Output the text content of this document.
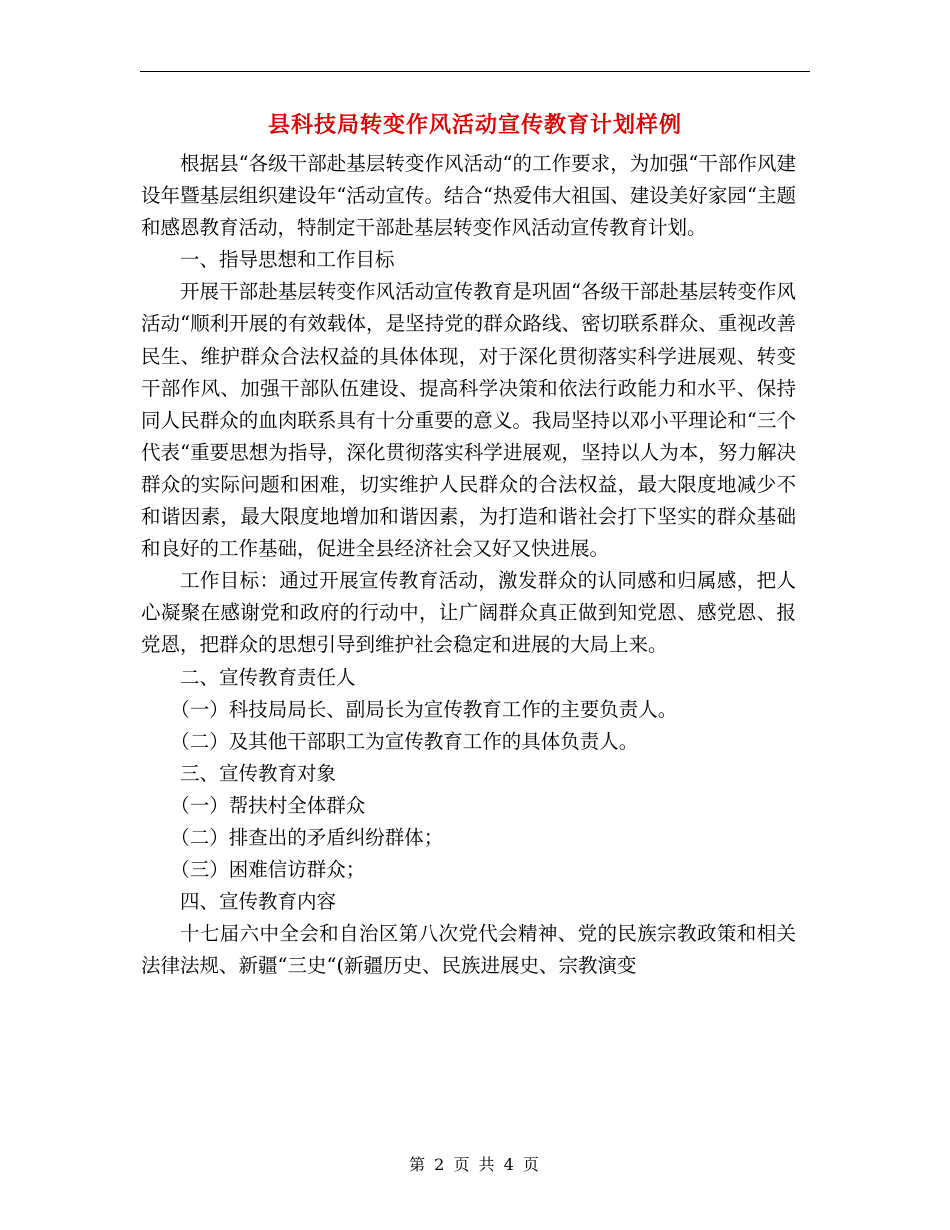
县科技局转变作风活动宣传教育计划样例

根据县“各级干部赴基层转变作风活动“的工作要求，为加强“干部作风建设年暨基层组织建设年“活动宣传。结合“热爱伟大祖国、建设美好家园“主题和感恩教育活动，特制定干部赴基层转变作风活动宣传教育计划。

一、指导思想和工作目标

开展干部赴基层转变作风活动宣传教育是巩固“各级干部赴基层转变作风活动“顺利开展的有效载体，是坚持党的群众路线、密切联系群众、重视改善民生、维护群众合法权益的具体体现，对于深化贯彻落实科学进展观、转变干部作风、加强干部队伍建设、提高科学决策和依法行政能力和水平、保持同人民群众的血肉联系具有十分重要的意义。我局坚持以邓小平理论和“三个代表“重要思想为指导，深化贯彻落实科学进展观，坚持以人为本，努力解决群众的实际问题和困难，切实维护人民群众的合法权益，最大限度地减少不和谐因素，最大限度地增加和谐因素，为打造和谐社会打下坚实的群众基础和良好的工作基础，促进全县经济社会又好又快进展。

工作目标：通过开展宣传教育活动，激发群众的认同感和归属感，把人心凝聚在感谢党和政府的行动中，让广阔群众真正做到知党恩、感党恩、报党恩，把群众的思想引导到维护社会稳定和进展的大局上来。

二、宣传教育责任人

（一）科技局局长、副局长为宣传教育工作的主要负责人。

（二）及其他干部职工为宣传教育工作的具体负责人。

三、宣传教育对象

（一）帮扶村全体群众

（二）排查出的矛盾纠纷群体；

（三）困难信访群众；

四、宣传教育内容

十七届六中全会和自治区第八次党代会精神、党的民族宗教政策和相关法律法规、新疆“三史“(新疆历史、民族进展史、宗教演变

第 2 页 共 4 页
